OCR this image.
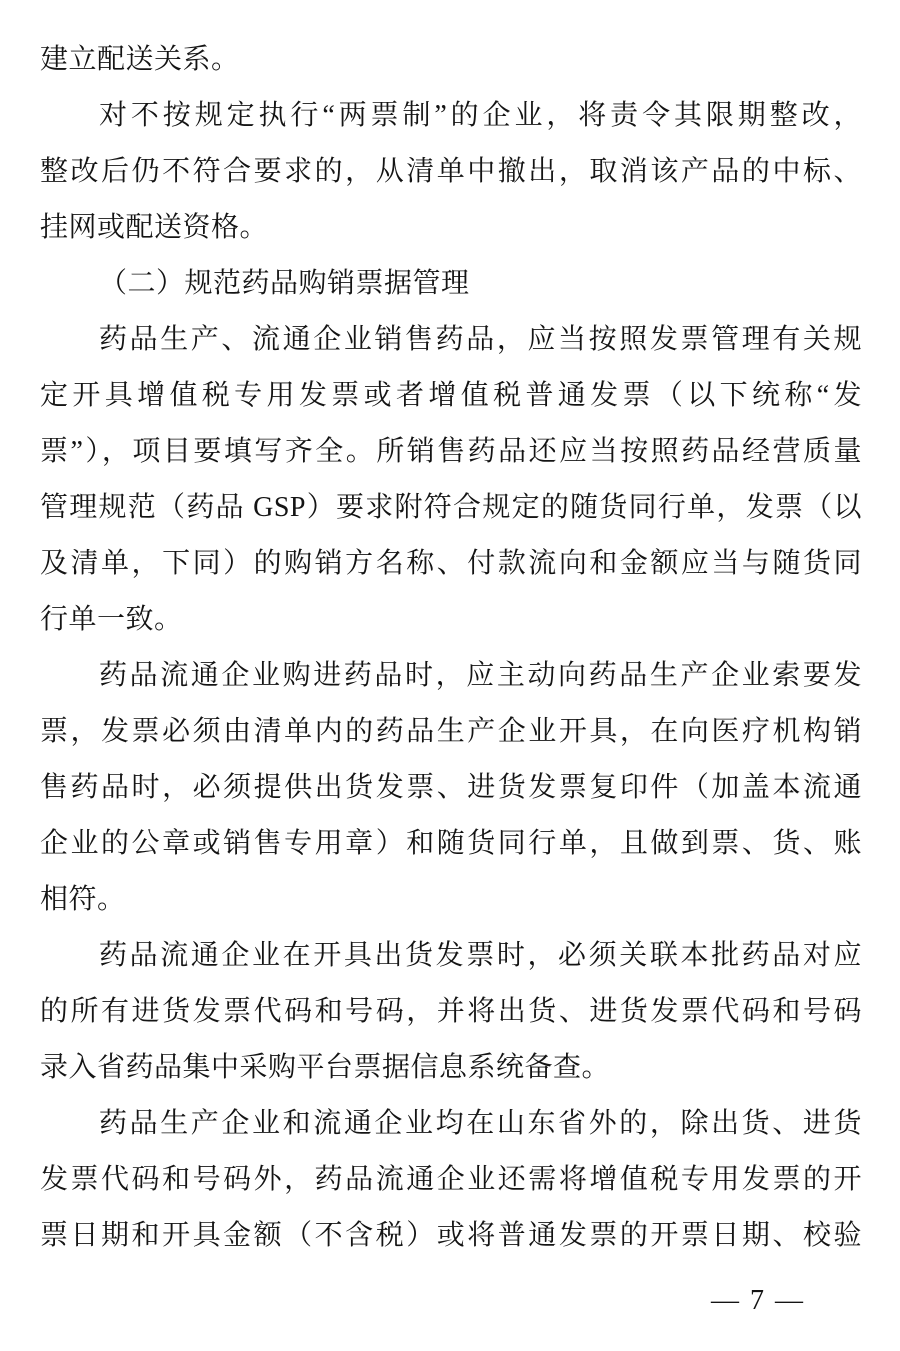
建立配送关系。
对不按规定执行“两票制”的企业，将责令其限期整改，
整改后仍不符合要求的，从清单中撤出，取消该产品的中标、
挂网或配送资格。
（二）规范药品购销票据管理
药品生产、流通企业销售药品，应当按照发票管理有关规
定开具增值税专用发票或者增值税普通发票（以下统称“发
票”），项目要填写齐全。所销售药品还应当按照药品经营质量
管理规范（药品 GSP）要求附符合规定的随货同行单，发票（以
及清单，下同）的购销方名称、付款流向和金额应当与随货同
行单一致。
药品流通企业购进药品时，应主动向药品生产企业索要发
票，发票必须由清单内的药品生产企业开具，在向医疗机构销
售药品时，必须提供出货发票、进货发票复印件（加盖本流通
企业的公章或销售专用章）和随货同行单，且做到票、货、账
相符。
药品流通企业在开具出货发票时，必须关联本批药品对应
的所有进货发票代码和号码，并将出货、进货发票代码和号码
录入省药品集中采购平台票据信息系统备查。
药品生产企业和流通企业均在山东省外的，除出货、进货
发票代码和号码外，药品流通企业还需将增值税专用发票的开
票日期和开具金额（不含税）或将普通发票的开票日期、校验
— 7 —
